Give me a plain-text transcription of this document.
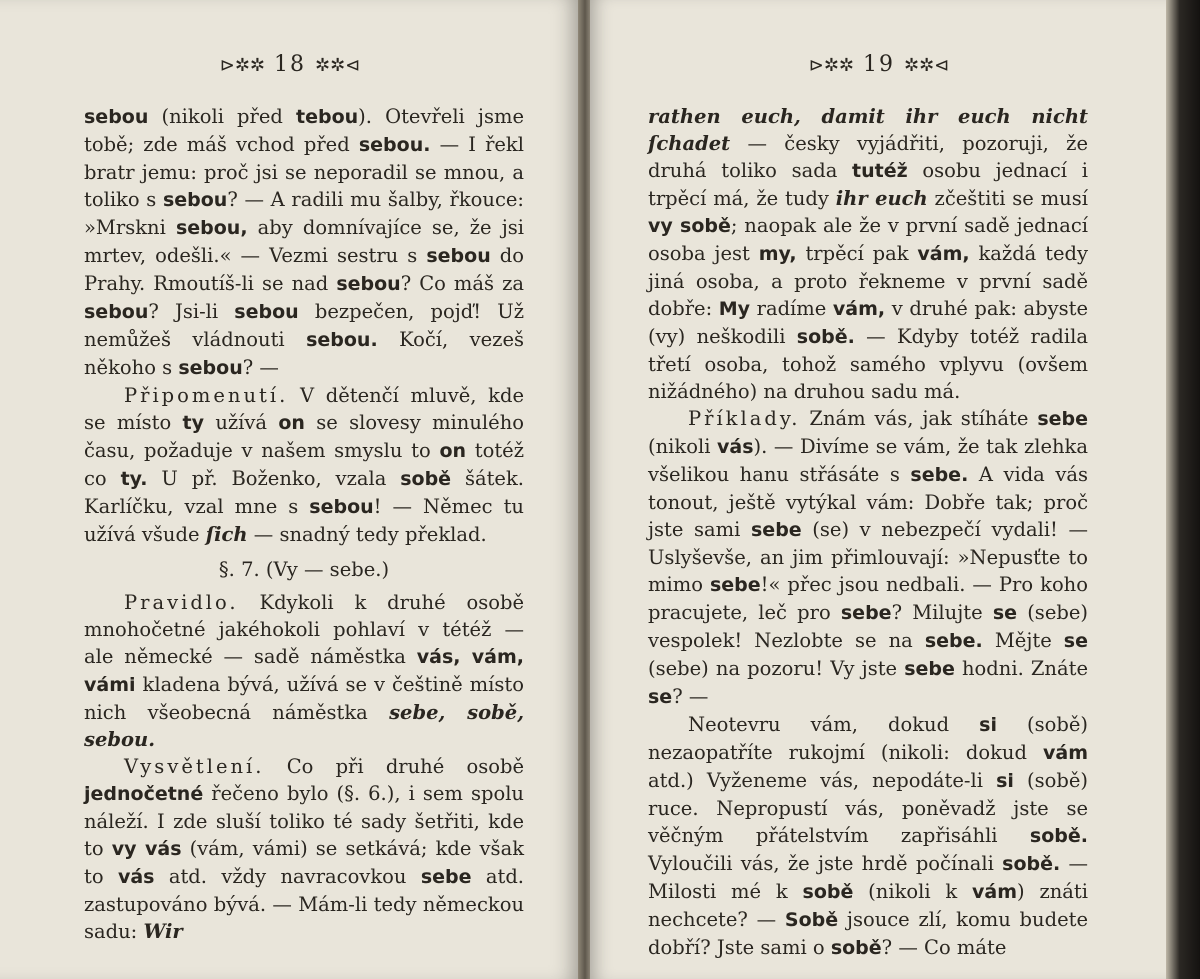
⊳✲✲ 18 ✲✲⊲

sebou (nikoli před tebou). Otevřeli jsme tobě; zde máš vchod před sebou. — I řekl bratr jemu: proč jsi se neporadil se mnou, a toliko s sebou? — A radili mu šalby, řkouce: »Mrskni sebou, aby domnívajíce se, že jsi mrtev, odešli.« — Vezmi sestru s sebou do Prahy. Rmoutíš-li se nad sebou? Co máš za sebou? Jsi-li sebou bezpečen, pojď! Už nemůžeš vládnouti sebou. Kočí, vezeš někoho s sebou? —

Připomenutí. V dětenčí mluvě, kde se místo ty užívá on se slovesy minulého času, požaduje v našem smyslu to on totéž co ty. U př. Boženko, vzala sobě šátek. Karlíčku, vzal mne s sebou! — Němec tu užívá všude ſich — snadný tedy překlad.

§. 7. (Vy — sebe.)

Pravidlo. Kdykoli k druhé osobě mnohočetné jakéhokoli pohlaví v tétéž — ale německé — sadě náměstka vás, vám, vámi kladena bývá, užívá se v češtině místo nich všeobecná náměstka sebe, sobě, sebou.

Vysvětlení. Co při druhé osobě jednočetné řečeno bylo (§. 6.), i sem spolu náleží. I zde sluší toliko té sady šetřiti, kde to vy vás (vám, vámi) se setkává; kde však to vás atd. vždy navracovkou sebe atd. zastupováno bývá. — Mám-li tedy německou sadu: Wir

⊳✲✲ 19 ✲✲⊲

rathen euch, damit ihr euch nicht ſchadet — česky vyjádřiti, pozoruji, že druhá toliko sada tutéž osobu jednací i trpěcí má, že tudy ihr euch zčeštiti se musí vy sobě; naopak ale že v první sadě jednací osoba jest my, trpěcí pak vám, každá tedy jiná osoba, a proto řekneme v první sadě dobře: My radíme vám, v druhé pak: abyste (vy) neškodili sobě. — Kdyby totéž radila třetí osoba, tohož samého vplyvu (ovšem nižádného) na druhou sadu má.

Příklady. Znám vás, jak stíháte sebe (nikoli vás). — Divíme se vám, že tak zlehka všelikou hanu střásáte s sebe. A vida vás tonout, ještě vytýkal vám: Dobře tak; proč jste sami sebe (se) v nebezpečí vydali! — Uslyševše, an jim přimlouvají: »Nepusťte to mimo sebe!« přec jsou nedbali. — Pro koho pracujete, leč pro sebe? Milujte se (sebe) vespolek! Nezlobte se na sebe. Mějte se (sebe) na pozoru! Vy jste sebe hodni. Znáte se? —

Neotevru vám, dokud si (sobě) nezaopatříte rukojmí (nikoli: dokud vám atd.) Vyženeme vás, nepodáte-li si (sobě) ruce. Nepropustí vás, poněvadž jste se věčným přátelstvím zapřisáhli sobě. Vyloučili vás, že jste hrdě počínali sobě. — Milosti mé k sobě (nikoli k vám) znáti nechcete? — Sobě jsouce zlí, komu budete dobří? Jste sami o sobě? — Co máte
